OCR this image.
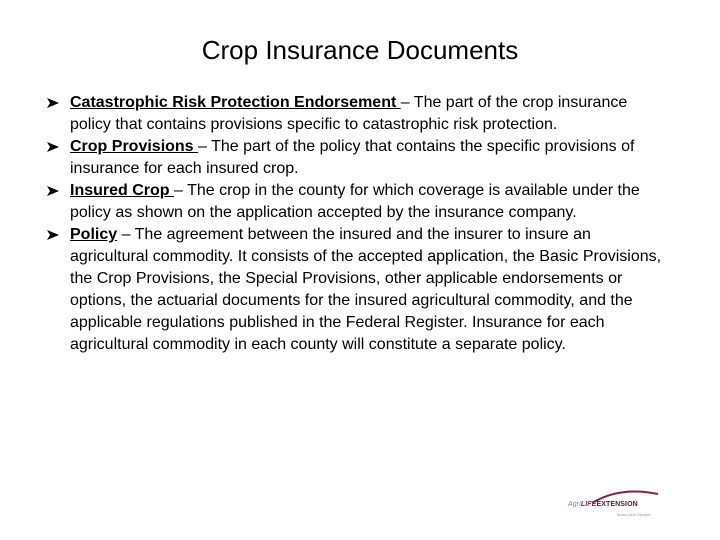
Crop Insurance Documents
Catastrophic Risk Protection Endorsement – The part of the crop insurance policy that contains provisions specific to catastrophic risk protection.
Crop Provisions – The part of the policy that contains the specific provisions of insurance for each insured crop.
Insured Crop – The crop in the county for which coverage is available under the policy as shown on the application accepted by the insurance company.
Policy – The agreement between the insured and the insurer to insure an agricultural commodity. It consists of the accepted application, the Basic Provisions, the Crop Provisions, the Special Provisions, other applicable endorsements or options, the actuarial documents for the insured agricultural commodity, and the applicable regulations published in the Federal Register. Insurance for each agricultural commodity in each county will constitute a separate policy.
AgriLIFEEXTENSION
Texas A&M System
